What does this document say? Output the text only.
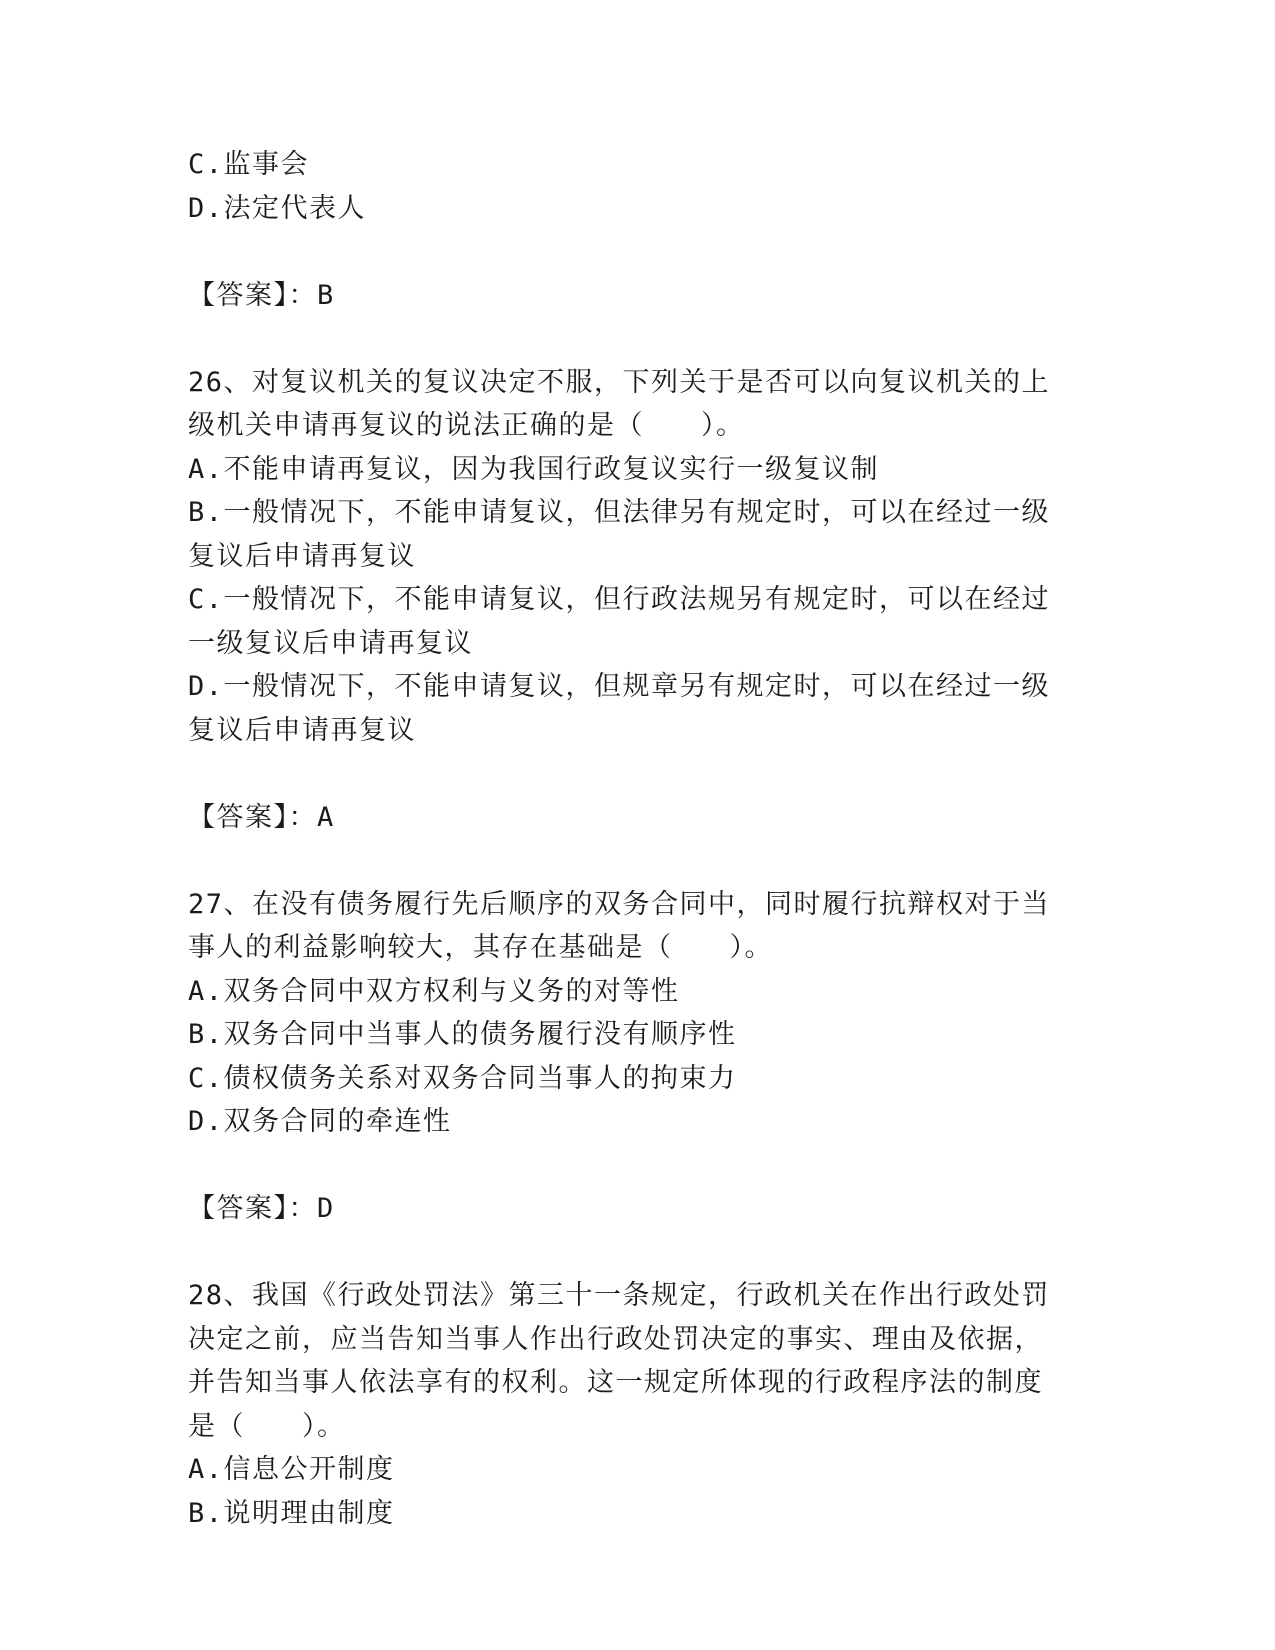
C.监事会
D.法定代表人
【答案】：B
26、对复议机关的复议决定不服，下列关于是否可以向复议机关的上
级机关申请再复议的说法正确的是（　　）。
A.不能申请再复议，因为我国行政复议实行一级复议制
B.一般情况下，不能申请复议，但法律另有规定时，可以在经过一级
复议后申请再复议
C.一般情况下，不能申请复议，但行政法规另有规定时，可以在经过
一级复议后申请再复议
D.一般情况下，不能申请复议，但规章另有规定时，可以在经过一级
复议后申请再复议
【答案】：A
27、在没有债务履行先后顺序的双务合同中，同时履行抗辩权对于当
事人的利益影响较大，其存在基础是（　　）。
A.双务合同中双方权利与义务的对等性
B.双务合同中当事人的债务履行没有顺序性
C.债权债务关系对双务合同当事人的拘束力
D.双务合同的牵连性
【答案】：D
28、我国《行政处罚法》第三十一条规定，行政机关在作出行政处罚
决定之前，应当告知当事人作出行政处罚决定的事实、理由及依据，
并告知当事人依法享有的权利。这一规定所体现的行政程序法的制度
是（　　）。
A.信息公开制度
B.说明理由制度
